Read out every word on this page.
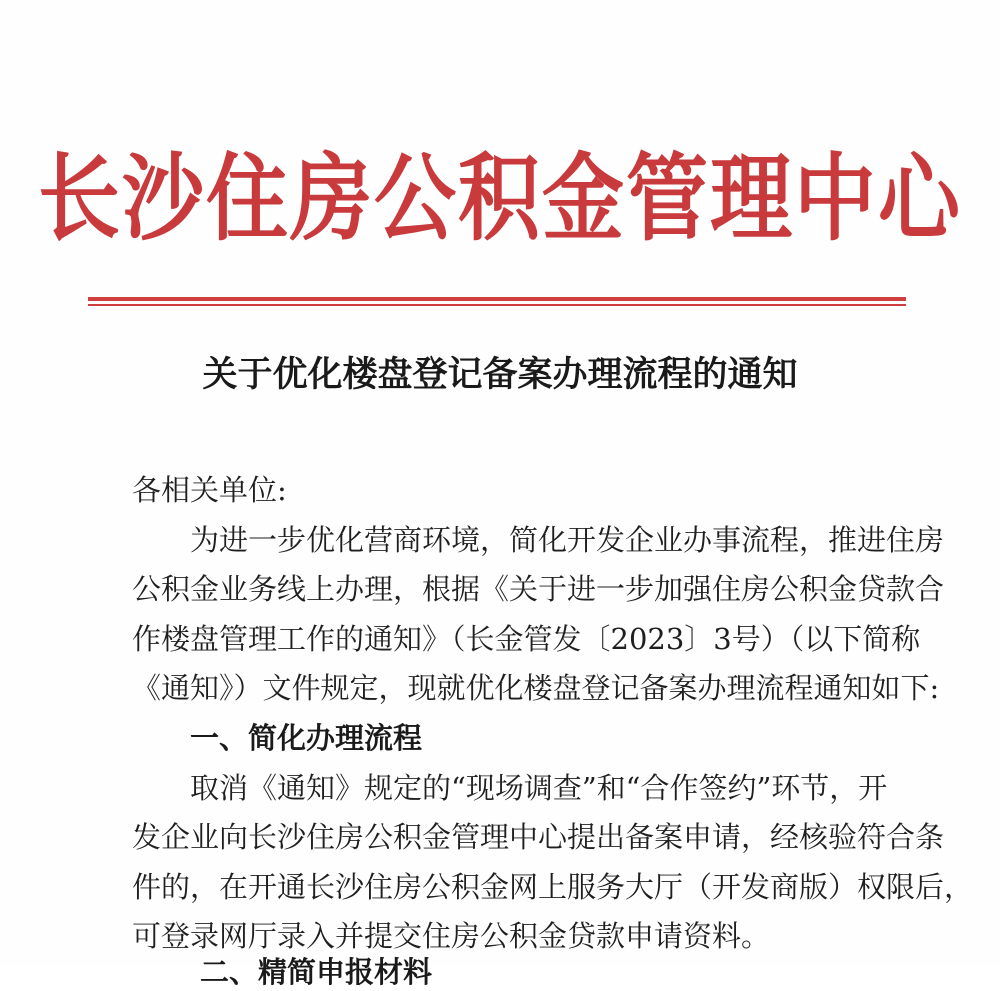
长沙住房公积金管理中心
关于优化楼盘登记备案办理流程的通知
各相关单位:
为进一步优化营商环境，简化开发企业办事流程，推进住房
公积金业务线上办理，根据《关于进一步加强住房公积金贷款合
作楼盘管理工作的通知》（长金管发〔2023〕3号）（以下简称
《通知》）文件规定，现就优化楼盘登记备案办理流程通知如下:
一、简化办理流程
取消《通知》规定的“现场调查”和“合作签约”环节，开
发企业向长沙住房公积金管理中心提出备案申请，经核验符合条
件的，在开通长沙住房公积金网上服务大厅（开发商版）权限后，
可登录网厅录入并提交住房公积金贷款申请资料。
二、精简申报材料
